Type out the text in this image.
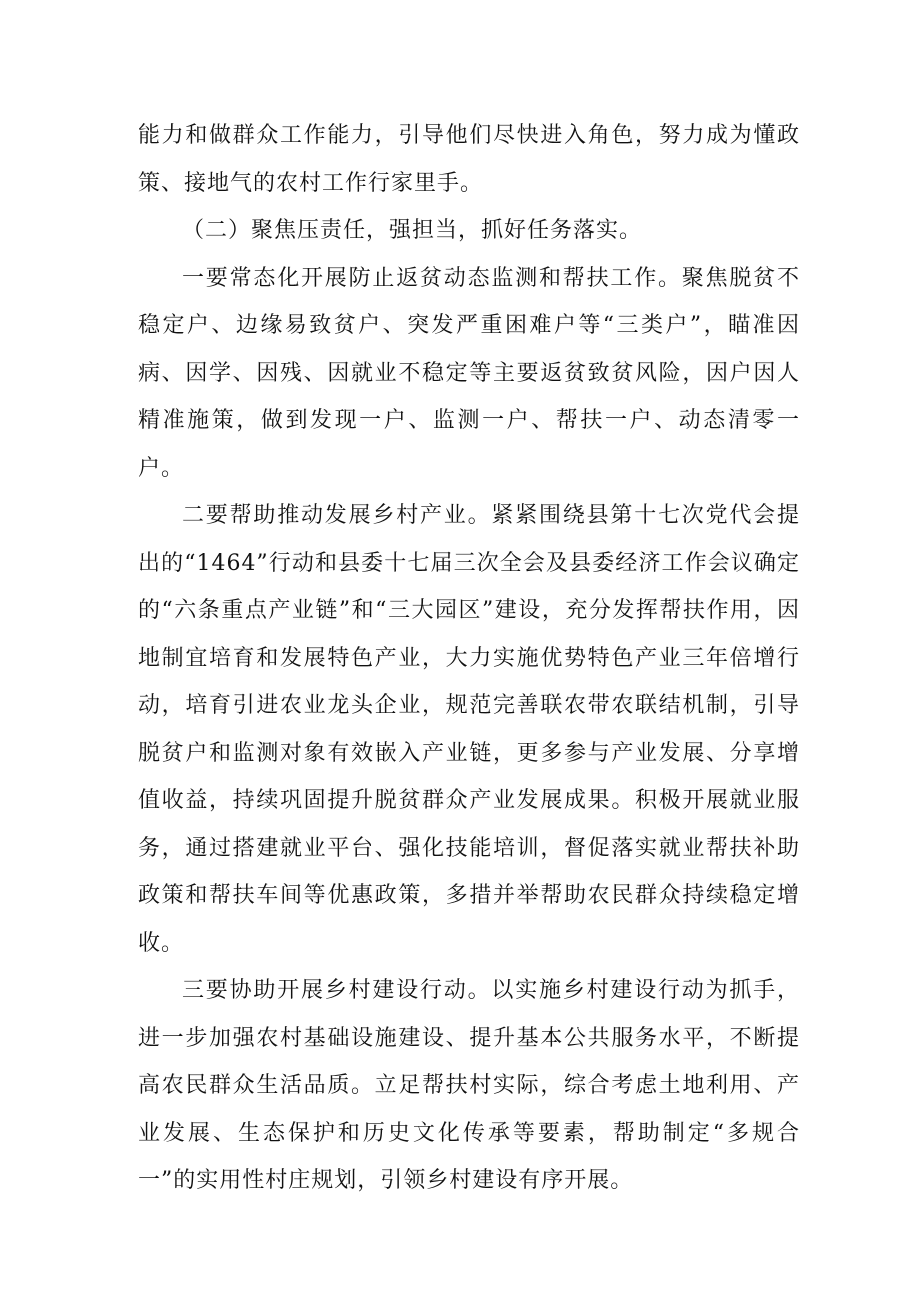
能力和做群众工作能力，引导他们尽快进入角色，努力成为懂政策、接地气的农村工作行家里手。

（二）聚焦压责任，强担当，抓好任务落实。

一要常态化开展防止返贫动态监测和帮扶工作。聚焦脱贫不稳定户、边缘易致贫户、突发严重困难户等“三类户”，瞄准因病、因学、因残、因就业不稳定等主要返贫致贫风险，因户因人精准施策，做到发现一户、监测一户、帮扶一户、动态清零一户。

二要帮助推动发展乡村产业。紧紧围绕县第十七次党代会提出的“1464”行动和县委十七届三次全会及县委经济工作会议确定的“六条重点产业链”和“三大园区”建设，充分发挥帮扶作用，因地制宜培育和发展特色产业，大力实施优势特色产业三年倍增行动，培育引进农业龙头企业，规范完善联农带农联结机制，引导脱贫户和监测对象有效嵌入产业链，更多参与产业发展、分享增值收益，持续巩固提升脱贫群众产业发展成果。积极开展就业服务，通过搭建就业平台、强化技能培训，督促落实就业帮扶补助政策和帮扶车间等优惠政策，多措并举帮助农民群众持续稳定增收。

三要协助开展乡村建设行动。以实施乡村建设行动为抓手，进一步加强农村基础设施建设、提升基本公共服务水平，不断提高农民群众生活品质。立足帮扶村实际，综合考虑土地利用、产业发展、生态保护和历史文化传承等要素，帮助制定“多规合一”的实用性村庄规划，引领乡村建设有序开展。
